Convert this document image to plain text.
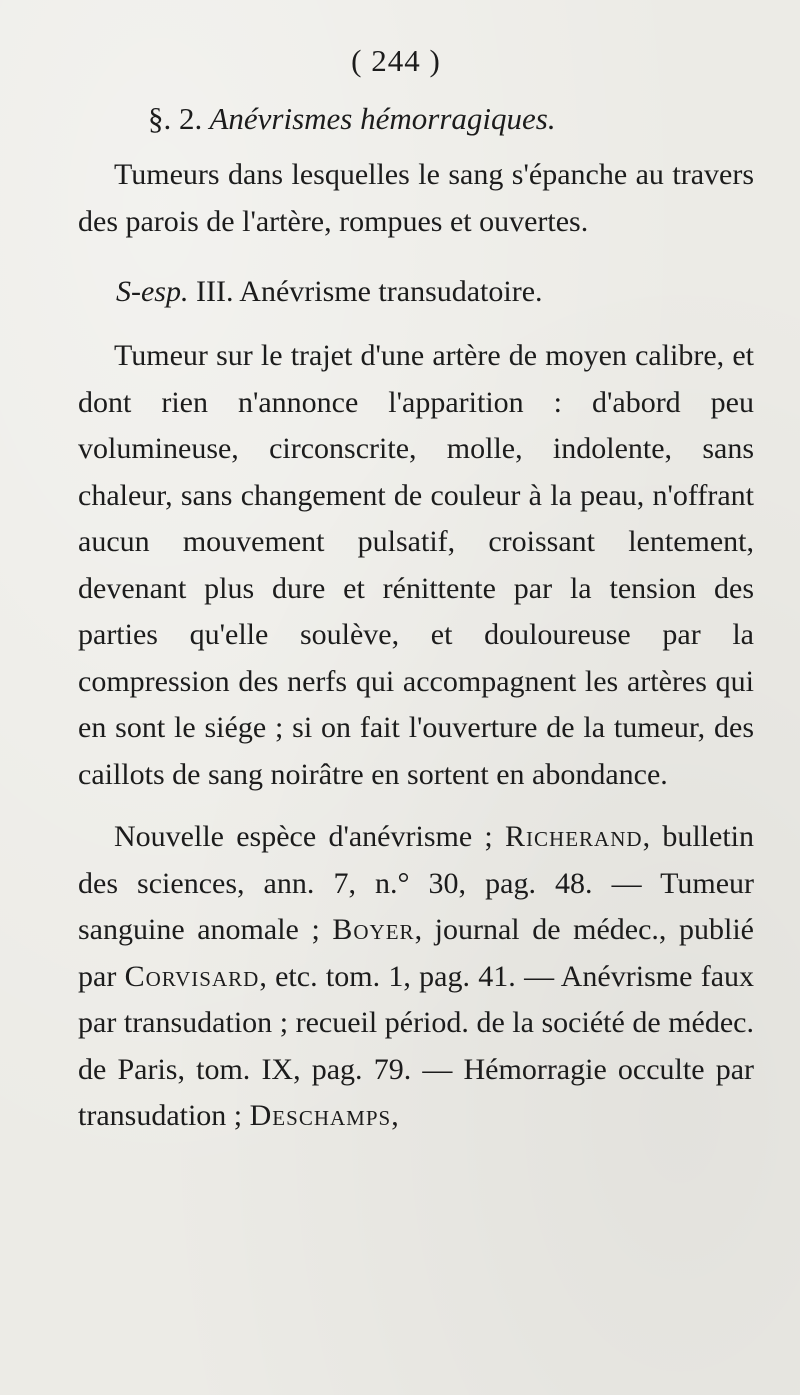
( 244 )
§. 2. Anévrismes hémorragiques.

Tumeurs dans lesquelles le sang s'épanche au travers des parois de l'artère, rompues et ouvertes.

S-esp. III. Anévrisme transudatoire.

Tumeur sur le trajet d'une artère de moyen calibre, et dont rien n'annonce l'apparition : d'abord peu volumineuse, circonscrite, molle, indolente, sans chaleur, sans changement de couleur à la peau, n'offrant aucun mouvement pulsatif, croissant lentement, devenant plus dure et rénittente par la tension des parties qu'elle soulève, et douloureuse par la compression des nerfs qui accompagnent les artères qui en sont le siége ; si on fait l'ouverture de la tumeur, des caillots de sang noirâtre en sortent en abondance.

Nouvelle espèce d'anévrisme ; Richerand, bulletin des sciences, ann. 7, n.° 30, pag. 48. — Tumeur sanguine anomale ; Boyer, journal de médec., publié par Corvisard, etc. tom. 1, pag. 41. — Anévrisme faux par transudation ; recueil périod. de la société de médec. de Paris, tom. IX, pag. 79. — Hémorragie occulte par transudation ; Deschamps,
